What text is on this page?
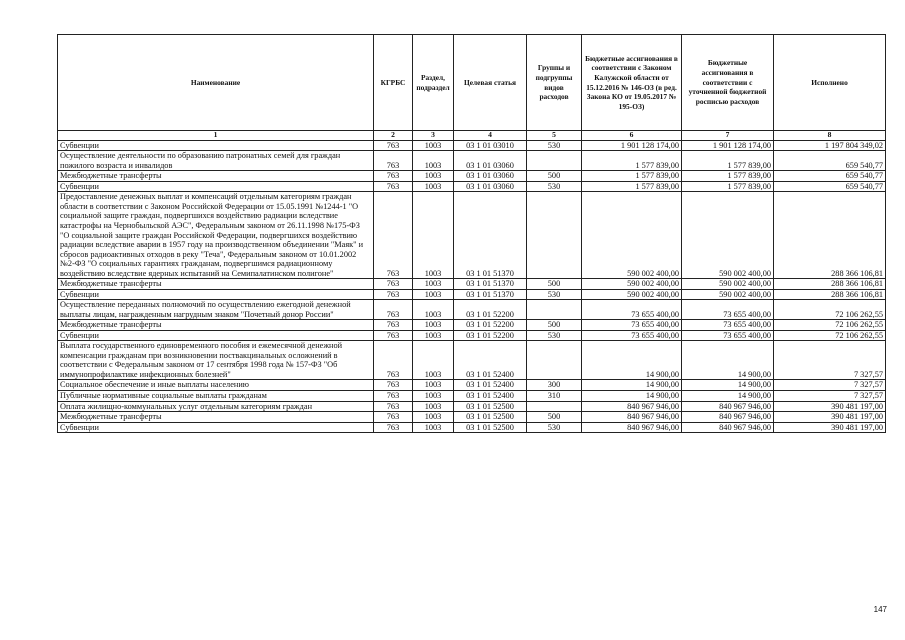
Наименование	КГРБС	Раздел, подраздел	Целевая статья	Группы и подгруппы видов расходов	Бюджетные ассигнования в соответствии с Законом Калужской области от 15.12.2016 № 146-ОЗ (в ред. Закона КО от 19.05.2017 № 195-ОЗ)	Бюджетные ассигнования в соответствии с уточненной бюджетной росписью расходов	Исполнено
1	2	3	4	5	6	7	8
Субвенции	763	1003	03 1 01 03010	530	1 901 128 174,00	1 901 128 174,00	1 197 804 349,02
Осуществление деятельности по образованию патронатных семей для граждан пожилого возраста и инвалидов	763	1003	03 1 01 03060		1 577 839,00	1 577 839,00	659 540,77
Межбюджетные трансферты	763	1003	03 1 01 03060	500	1 577 839,00	1 577 839,00	659 540,77
Субвенции	763	1003	03 1 01 03060	530	1 577 839,00	1 577 839,00	659 540,77
Предоставление денежных выплат и компенсаций отдельным категориям граждан области в соответствии с Законом Российской Федерации от 15.05.1991 №1244-1 "О социальной защите граждан, подвергшихся воздействию радиации вследствие катастрофы на Чернобыльской АЭС", Федеральным законом от 26.11.1998 №175-ФЗ "О социальной защите граждан Российской Федерации, подвергшихся воздействию радиации вследствие аварии в 1957 году на производственном объединении "Маяк" и сбросов радиоактивных отходов в реку "Теча", Федеральным законом от 10.01.2002 №2-ФЗ "О социальных гарантиях гражданам, подвергшимся радиационному воздействию вследствие ядерных испытаний на Семипалатинском полигоне"	763	1003	03 1 01 51370		590 002 400,00	590 002 400,00	288 366 106,81
Межбюджетные трансферты	763	1003	03 1 01 51370	500	590 002 400,00	590 002 400,00	288 366 106,81
Субвенции	763	1003	03 1 01 51370	530	590 002 400,00	590 002 400,00	288 366 106,81
Осуществление переданных полномочий по осуществлению ежегодной денежной выплаты лицам, награжденным нагрудным знаком "Почетный донор России"	763	1003	03 1 01 52200		73 655 400,00	73 655 400,00	72 106 262,55
Межбюджетные трансферты	763	1003	03 1 01 52200	500	73 655 400,00	73 655 400,00	72 106 262,55
Субвенции	763	1003	03 1 01 52200	530	73 655 400,00	73 655 400,00	72 106 262,55
Выплата государственного единовременного пособия и ежемесячной денежной компенсации гражданам при возникновении поствакцинальных осложнений в соответствии с Федеральным законом от 17 сентября 1998 года № 157-ФЗ "Об иммунопрофилактике инфекционных болезней"	763	1003	03 1 01 52400		14 900,00	14 900,00	7 327,57
Социальное обеспечение и иные выплаты населению	763	1003	03 1 01 52400	300	14 900,00	14 900,00	7 327,57
Публичные нормативные социальные выплаты гражданам	763	1003	03 1 01 52400	310	14 900,00	14 900,00	7 327,57
Оплата жилищно-коммунальных услуг отдельным категориям граждан	763	1003	03 1 01 52500		840 967 946,00	840 967 946,00	390 481 197,00
Межбюджетные трансферты	763	1003	03 1 01 52500	500	840 967 946,00	840 967 946,00	390 481 197,00
Субвенции	763	1003	03 1 01 52500	530	840 967 946,00	840 967 946,00	390 481 197,00
147
